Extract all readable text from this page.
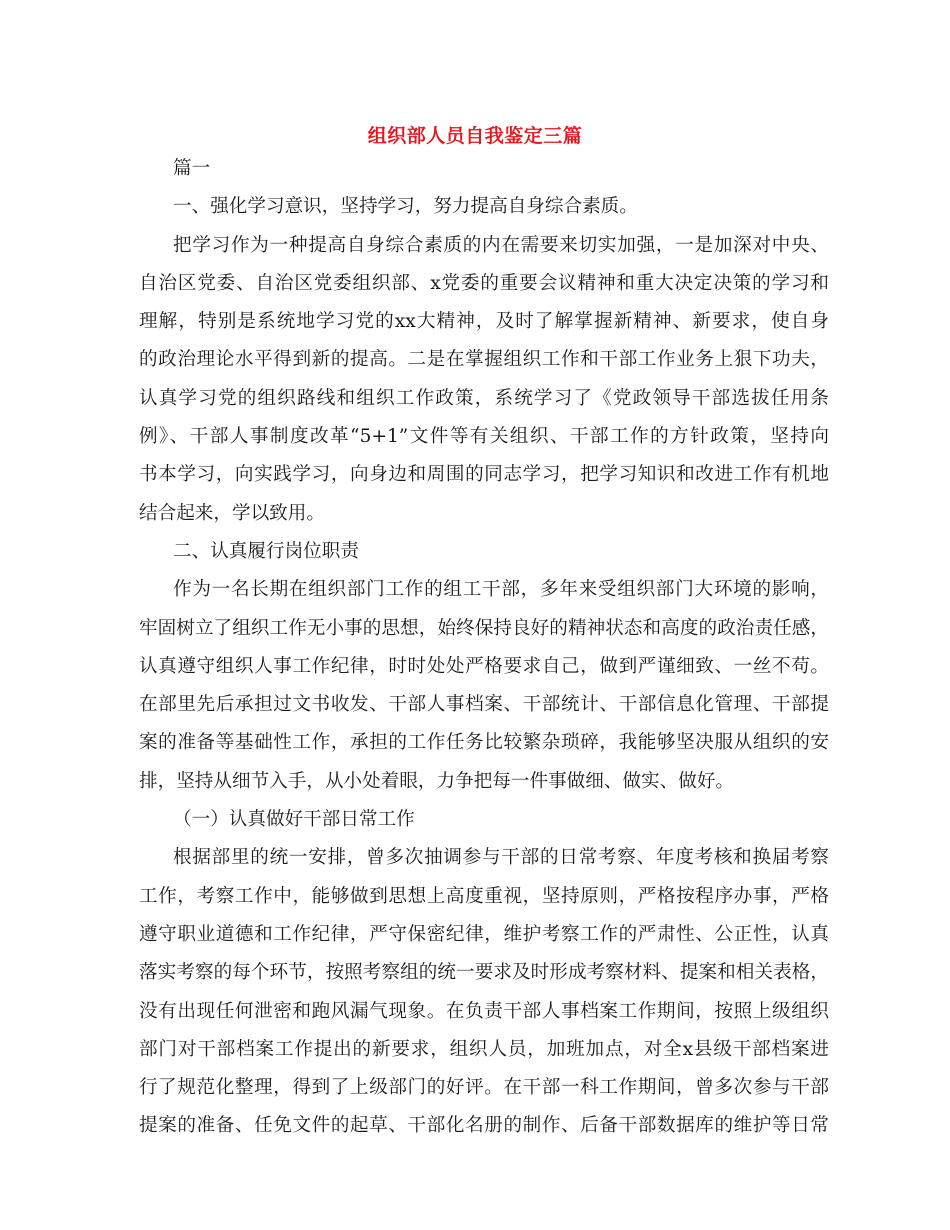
组织部人员自我鉴定三篇
篇一
一、强化学习意识，坚持学习，努力提高自身综合素质。
把学习作为一种提高自身综合素质的内在需要来切实加强，一是加深对中央、
自治区党委、自治区党委组织部、x党委的重要会议精神和重大决定决策的学习和
理解，特别是系统地学习党的xx大精神，及时了解掌握新精神、新要求，使自身
的政治理论水平得到新的提高。二是在掌握组织工作和干部工作业务上狠下功夫，
认真学习党的组织路线和组织工作政策，系统学习了《党政领导干部选拔任用条
例》、干部人事制度改革“5+1”文件等有关组织、干部工作的方针政策，坚持向
书本学习，向实践学习，向身边和周围的同志学习，把学习知识和改进工作有机地
结合起来，学以致用。
二、认真履行岗位职责
作为一名长期在组织部门工作的组工干部，多年来受组织部门大环境的影响，
牢固树立了组织工作无小事的思想，始终保持良好的精神状态和高度的政治责任感，
认真遵守组织人事工作纪律，时时处处严格要求自己，做到严谨细致、一丝不苟。
在部里先后承担过文书收发、干部人事档案、干部统计、干部信息化管理、干部提
案的准备等基础性工作，承担的工作任务比较繁杂琐碎，我能够坚决服从组织的安
排，坚持从细节入手，从小处着眼，力争把每一件事做细、做实、做好。
（一）认真做好干部日常工作
根据部里的统一安排，曾多次抽调参与干部的日常考察、年度考核和换届考察
工作，考察工作中，能够做到思想上高度重视，坚持原则，严格按程序办事，严格
遵守职业道德和工作纪律，严守保密纪律，维护考察工作的严肃性、公正性，认真
落实考察的每个环节，按照考察组的统一要求及时形成考察材料、提案和相关表格，
没有出现任何泄密和跑风漏气现象。在负责干部人事档案工作期间，按照上级组织
部门对干部档案工作提出的新要求，组织人员，加班加点，对全x县级干部档案进
行了规范化整理，得到了上级部门的好评。在干部一科工作期间，曾多次参与干部
提案的准备、任免文件的起草、干部化名册的制作、后备干部数据库的维护等日常
